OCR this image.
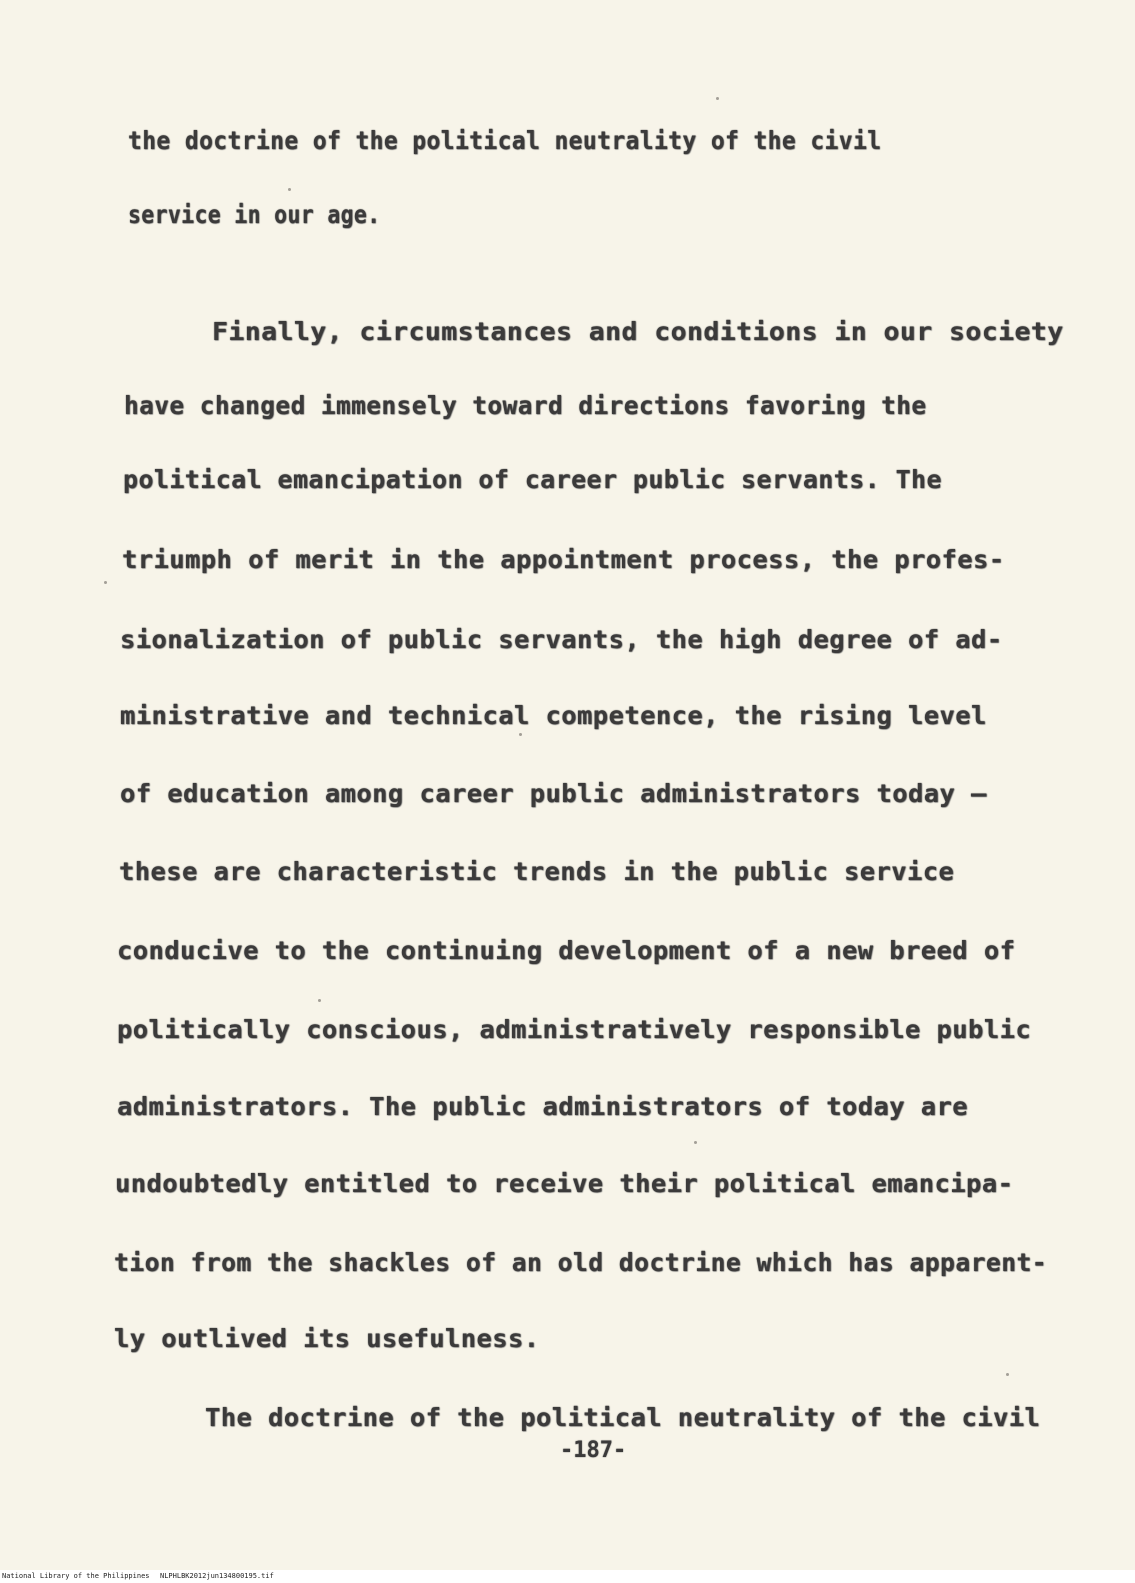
the doctrine of the political neutrality of the civil
service in our age.
Finally, circumstances and conditions in our society
have changed immensely toward directions favoring the
political emancipation of career public servants. The
triumph of merit in the appointment process, the profes-
sionalization of public servants, the high degree of ad-
ministrative and technical competence, the rising level
of education among career public administrators today —
these are characteristic trends in the public service
conducive to the continuing development of a new breed of
politically conscious, administratively responsible public
administrators. The public administrators of today are
undoubtedly entitled to receive their political emancipa-
tion from the shackles of an old doctrine which has apparent-
ly outlived its usefulness.
The doctrine of the political neutrality of the civil
-187-
National Library of the Philippines NLPHLBK2012jun134800195.tif
